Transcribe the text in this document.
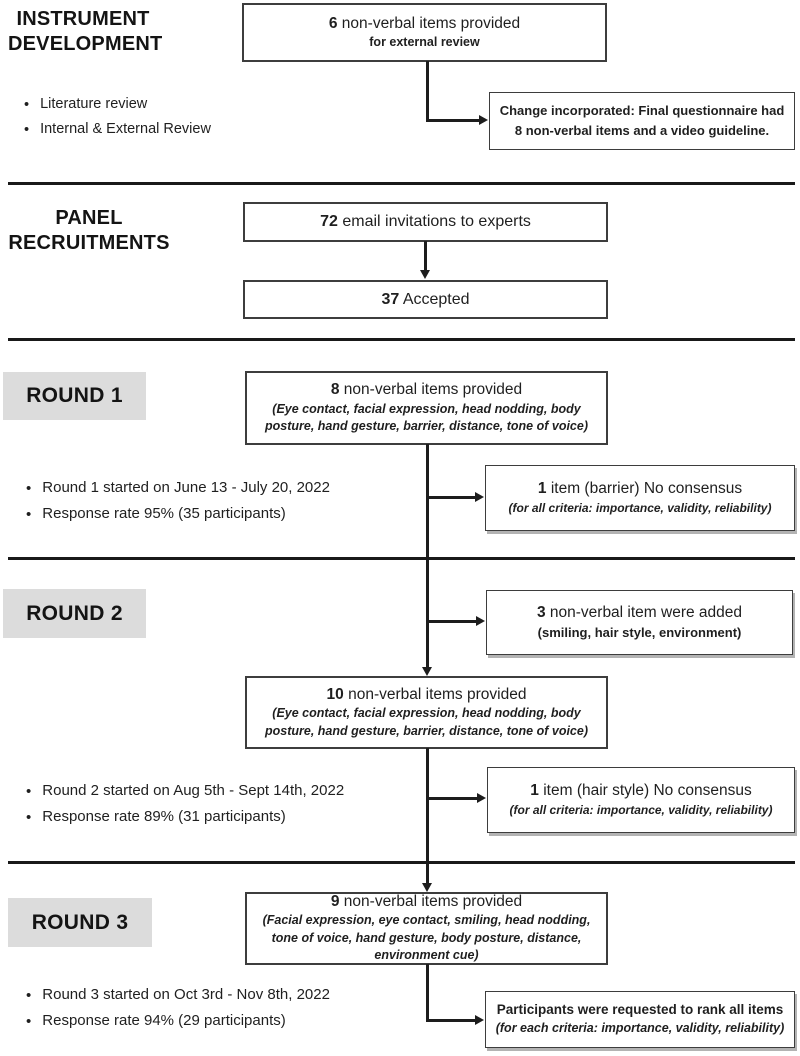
INSTRUMENT
DEVELOPMENT
• Literature review
• Internal & External Review
6 non-verbal items provided
for external review
Change incorporated: Final questionnaire had
8 non-verbal items and a video guideline.
PANEL
RECRUITMENTS
72 email invitations to experts
37 Accepted
ROUND 1	8 non-verbal items provided
(Eye contact, facial expression, head nodding, body posture, hand gesture, barrier, distance, tone of voice)
• Round 1 started on June 13 - July 20, 2022
• Response rate 95% (35 participants)
1 item (barrier) No consensus
(for all criteria: importance, validity, reliability)
ROUND 2	3 non-verbal item were added
(smiling, hair style, environment)
10 non-verbal items provided
(Eye contact, facial expression, head nodding, body posture, hand gesture, barrier, distance, tone of voice)
• Round 2 started on Aug 5th - Sept 14th, 2022
• Response rate 89% (31 participants)
1 item (hair style) No consensus
(for all criteria: importance, validity, reliability)
ROUND 3
9 non-verbal items provided
(Facial expression, eye contact, smiling, head nodding, tone of voice, hand gesture, body posture, distance, environment cue)
• Round 3 started on Oct 3rd - Nov 8th, 2022
• Response rate 94% (29 participants)
Participants were requested to rank all items
(for each criteria: importance, validity, reliability)
